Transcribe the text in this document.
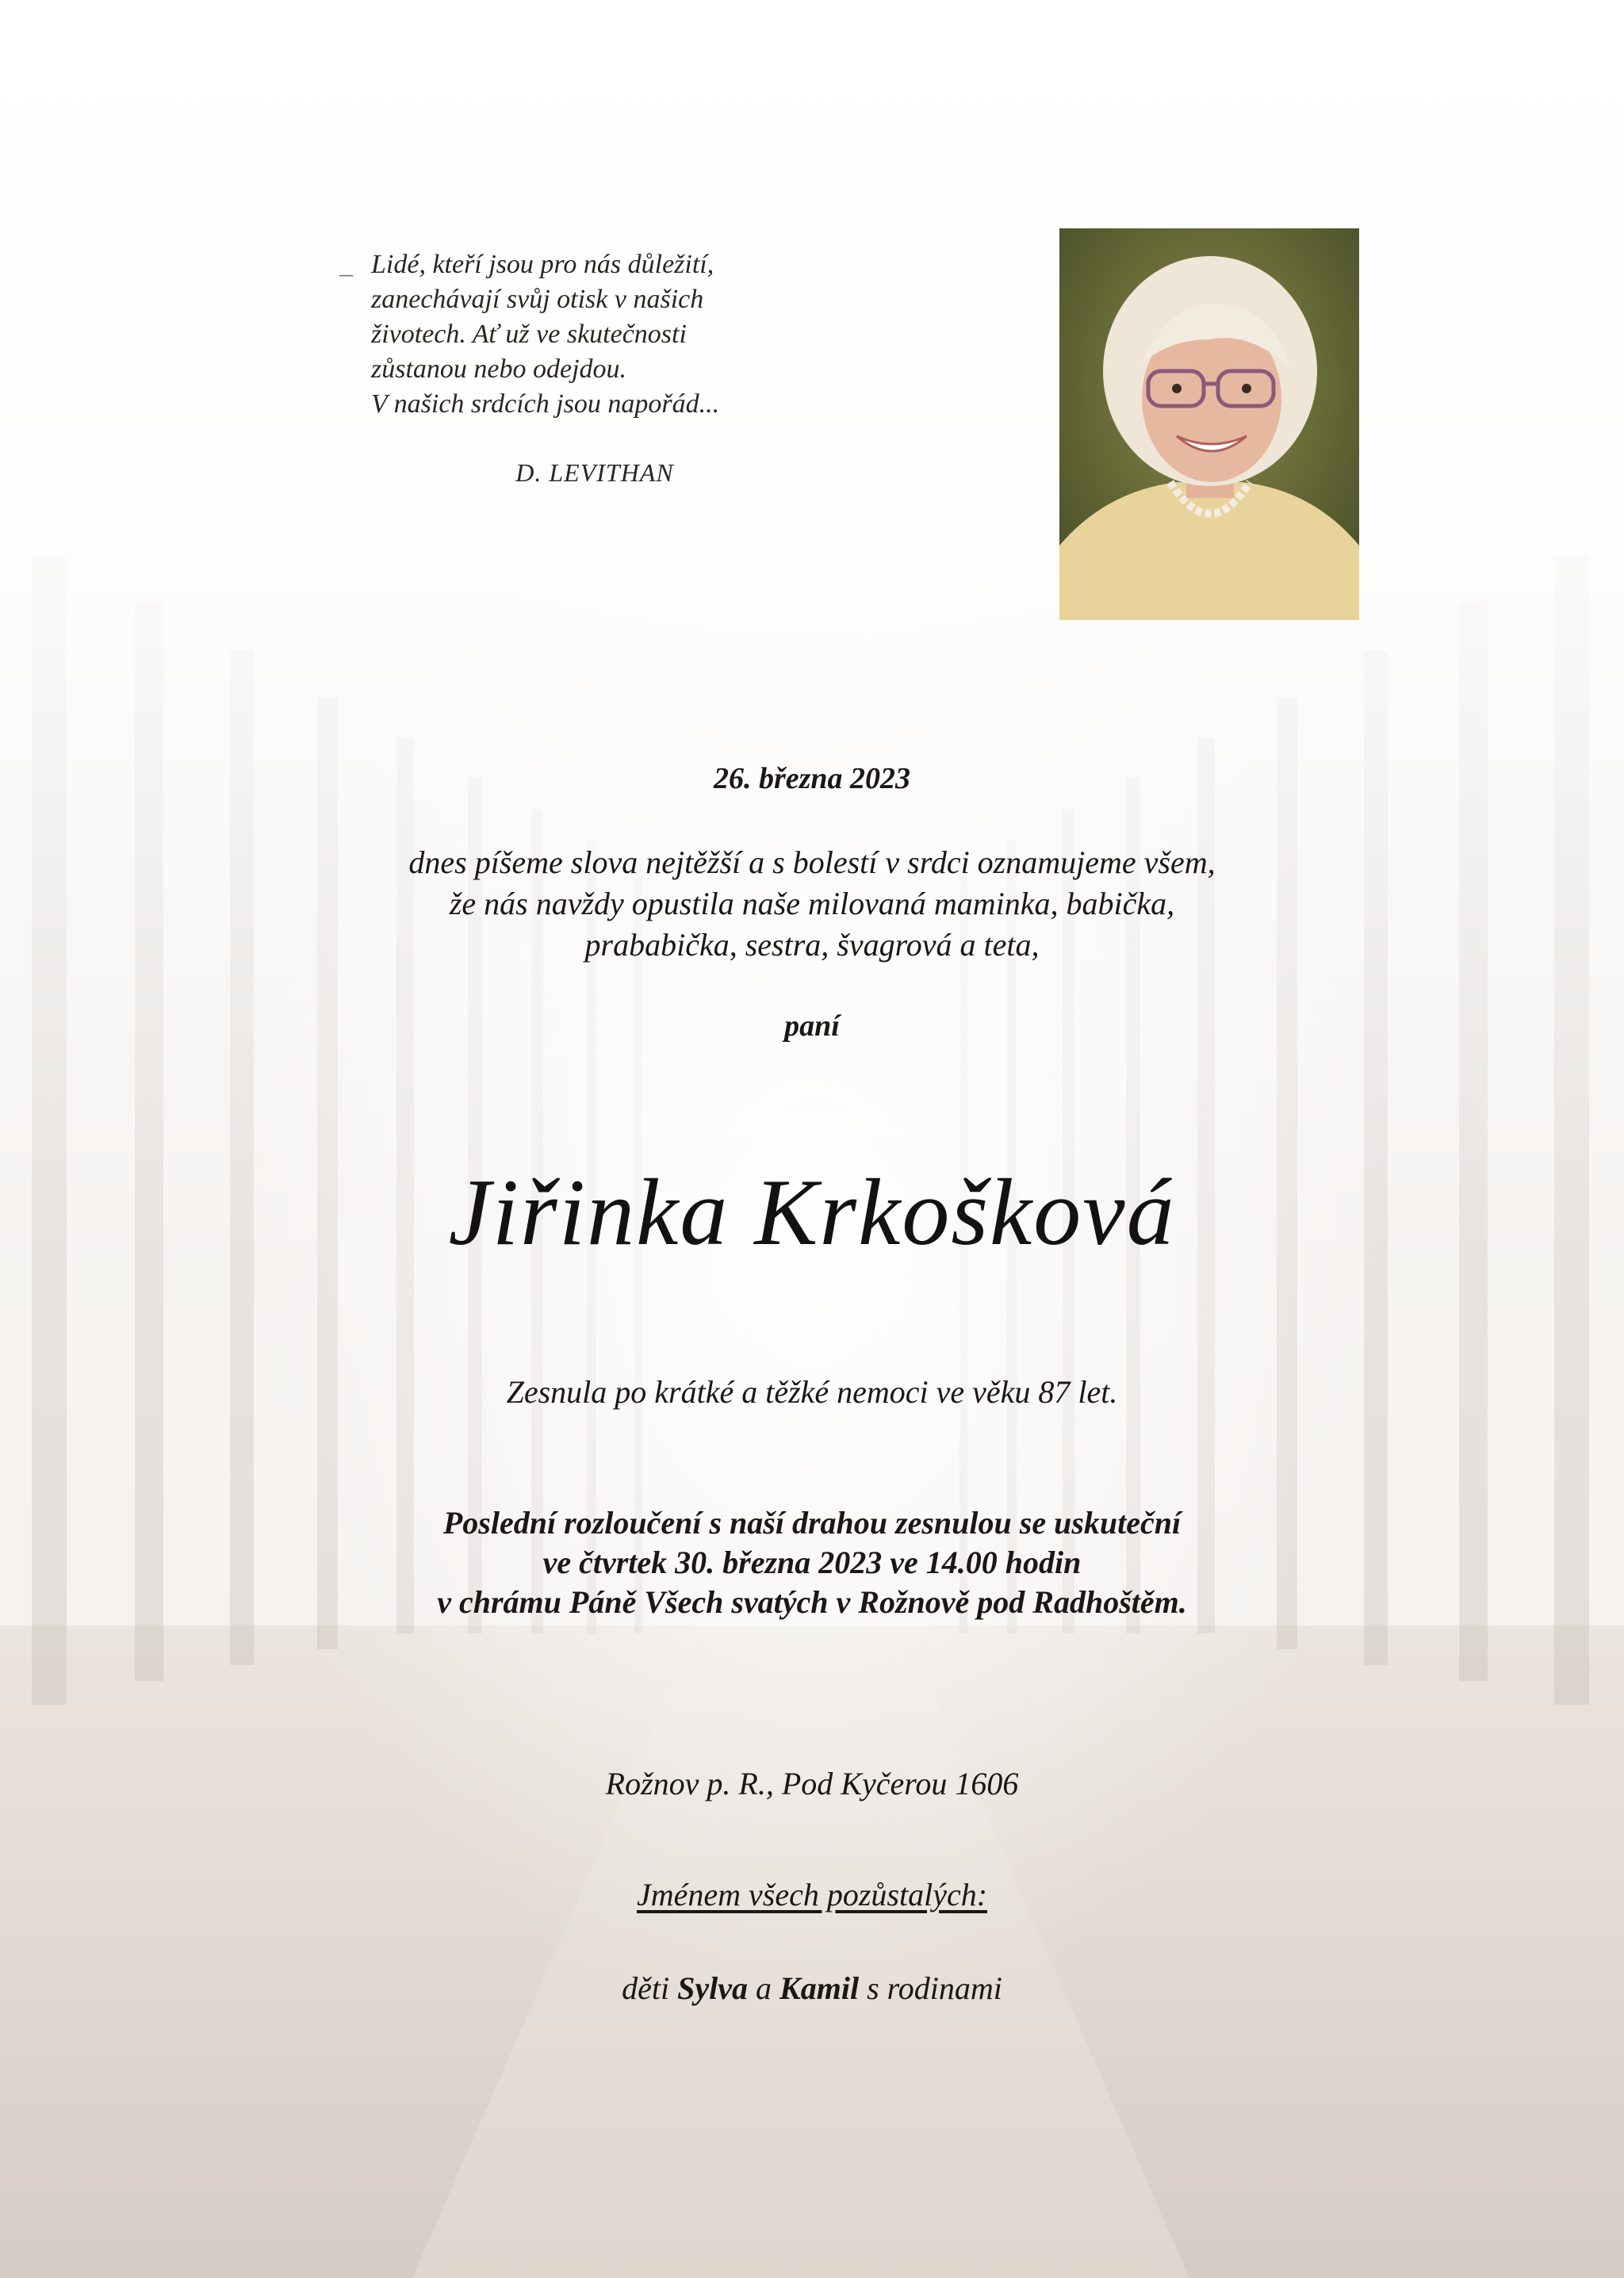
_ Lidé, kteří jsou pro nás důležití,
zanechávají svůj otisk v našich
životech. Ať už ve skutečnosti
zůstanou nebo odejdou.
V našich srdcích jsou napořád...
D. LEVITHAN
26. března 2023
dnes píšeme slova nejtěžší a s bolestí v srdci oznamujeme všem,
že nás navždy opustila naše milovaná maminka, babička,
prababička, sestra, švagrová a teta,
paní
Jiřinka Krkošková
Zesnula po krátké a těžké nemoci ve věku 87 let.
Poslední rozloučení s naší drahou zesnulou se uskuteční
ve čtvrtek 30. března 2023 ve 14.00 hodin
v chrámu Páně Všech svatých v Rožnově pod Radhoštěm.
Rožnov p. R., Pod Kyčerou 1606
Jménem všech pozůstalých:
děti Sylva a Kamil s rodinami
